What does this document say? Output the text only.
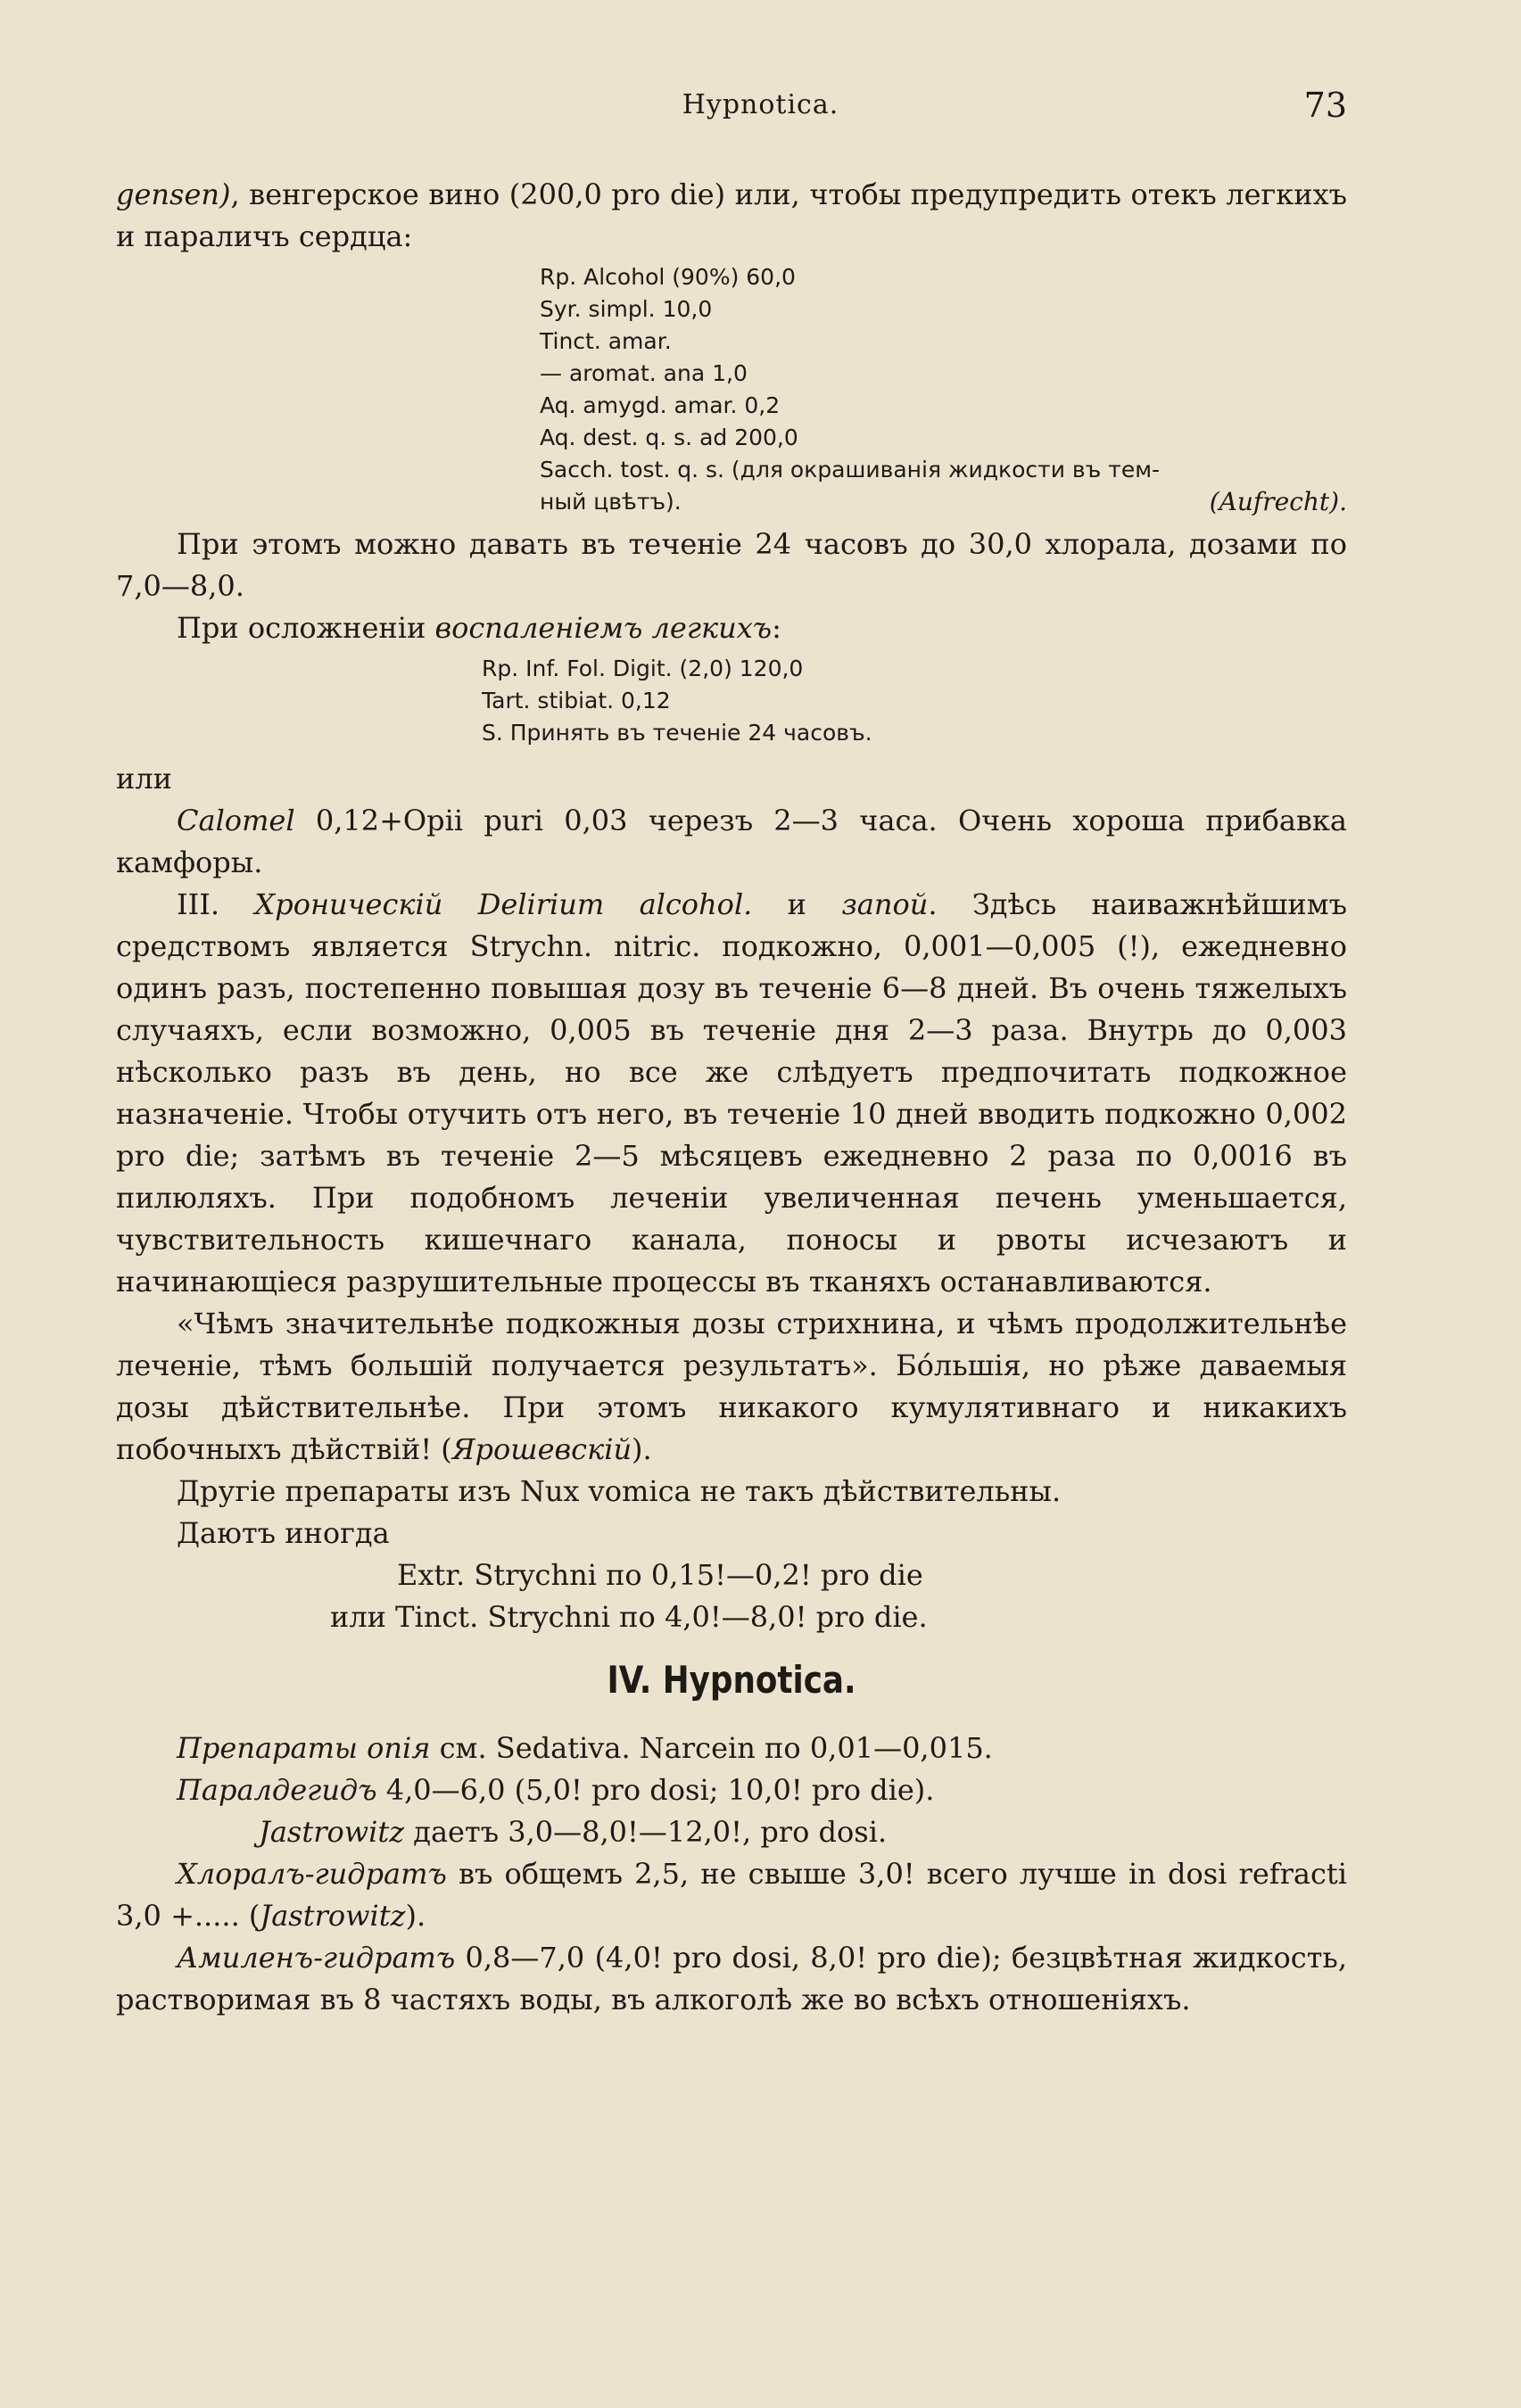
Hypnotica.	73

gensen), венгерское вино (200,0 pro die) или, чтобы предупредить отекъ легкихъ и параличъ сердца:

Rp. Alcohol (90%) 60,0
Syr. simpl. 10,0
Tinct. amar.
— aromat. ana 1,0
Aq. amygd. amar. 0,2
Aq. dest. q. s. ad 200,0
Sacch. tost. q. s. (для окрашиванія жидкости въ тем-
ный цвѣтъ).	(Aufrecht).

При этомъ можно давать въ теченіе 24 часовъ до 30,0 хлорала, дозами по 7,0—8,0.

При осложненіи воспаленіемъ легкихъ:

Rp. Inf. Fol. Digit. (2,0) 120,0
Tart. stibiat. 0,12
S. Принять въ теченіе 24 часовъ.

или

Calomel 0,12+Opii puri 0,03 черезъ 2—3 часа. Очень хороша прибавка камфоры.

III. Хроническій Delirium alcohol. и запой. Здѣсь наиважнѣйшимъ средствомъ является Strychn. nitric. подкожно, 0,001—0,005 (!), ежедневно одинъ разъ, постепенно повышая дозу въ теченіе 6—8 дней. Въ очень тяжелыхъ случаяхъ, если возможно, 0,005 въ теченіе дня 2—3 раза. Внутрь до 0,003 нѣсколько разъ въ день, но все же слѣдуетъ предпочитать подкожное назначеніе. Чтобы отучить отъ него, въ теченіе 10 дней вводить подкожно 0,002 pro die; затѣмъ въ теченіе 2—5 мѣсяцевъ ежедневно 2 раза по 0,0016 въ пилюляхъ. При подобномъ леченіи увеличенная печень уменьшается, чувствительность кишечнаго канала, поносы и рвоты исчезаютъ и начинающіеся разрушительные процессы въ тканяхъ останавливаются.

«Чѣмъ значительнѣе подкожныя дозы стрихнина, и чѣмъ продолжительнѣе леченіе, тѣмъ большій получается результатъ». Бо́льшія, но рѣже даваемыя дозы дѣйствительнѣе. При этомъ никакого кумулятивнаго и никакихъ побочныхъ дѣйствій! (Ярошевскій).

Другіе препараты изъ Nux vomica не такъ дѣйствительны.

Даютъ иногда

Extr. Strychni по 0,15!—0,2! pro die

или Tinct. Strychni по 4,0!—8,0! pro die.

IV. Hypnotica.

Препараты опія см. Sedativa. Narcein по 0,01—0,015.

Паралдегидъ 4,0—6,0 (5,0! pro dosi; 10,0! pro die).

Jastrowitz даетъ 3,0—8,0!—12,0!, pro dosi.

Хлоралъ-гидратъ въ общемъ 2,5, не свыше 3,0! всего лучше in dosi refracti 3,0 +..... (Jastrowitz).

Амиленъ-гидратъ 0,8—7,0 (4,0! pro dosi, 8,0! pro die); безцвѣтная жидкость, растворимая въ 8 частяхъ воды, въ алкоголѣ же во всѣхъ отношеніяхъ.
